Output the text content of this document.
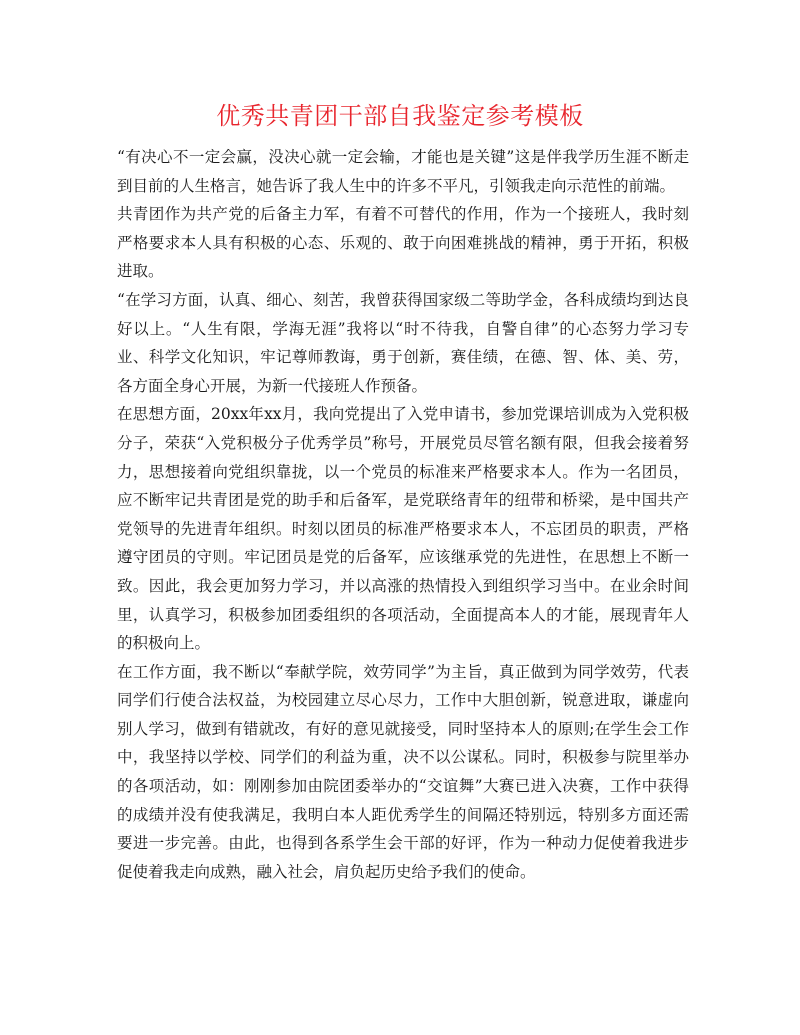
优秀共青团干部自我鉴定参考模板

“有决心不一定会赢，没决心就一定会输，才能也是关键”这是伴我学历生涯不断走到目前的人生格言，她告诉了我人生中的许多不平凡，引领我走向示范性的前端。

共青团作为共产党的后备主力军，有着不可替代的作用，作为一个接班人，我时刻严格要求本人具有积极的心态、乐观的、敢于向困难挑战的精神，勇于开拓，积极进取。

“在学习方面，认真、细心、刻苦，我曾获得国家级二等助学金，各科成绩均到达良好以上。“人生有限，学海无涯”我将以“时不待我，自警自律”的心态努力学习专业、科学文化知识，牢记尊师教诲，勇于创新，赛佳绩，在德、智、体、美、劳，各方面全身心开展，为新一代接班人作预备。

在思想方面，20xx年xx月，我向党提出了入党申请书，参加党课培训成为入党积极分子，荣获“入党积极分子优秀学员”称号，开展党员尽管名额有限，但我会接着努力，思想接着向党组织靠拢，以一个党员的标准来严格要求本人。作为一名团员，应不断牢记共青团是党的助手和后备军，是党联络青年的纽带和桥梁，是中国共产党领导的先进青年组织。时刻以团员的标准严格要求本人，不忘团员的职责，严格遵守团员的守则。牢记团员是党的后备军，应该继承党的先进性，在思想上不断一致。因此，我会更加努力学习，并以高涨的热情投入到组织学习当中。在业余时间里，认真学习，积极参加团委组织的各项活动，全面提高本人的才能，展现青年人的积极向上。

在工作方面，我不断以“奉献学院，效劳同学”为主旨，真正做到为同学效劳，代表同学们行使合法权益，为校园建立尽心尽力，工作中大胆创新，锐意进取，谦虚向别人学习，做到有错就改，有好的意见就接受，同时坚持本人的原则;在学生会工作中，我坚持以学校、同学们的利益为重，决不以公谋私。同时，积极参与院里举办的各项活动，如：刚刚参加由院团委举办的“交谊舞”大赛已进入决赛，工作中获得的成绩并没有使我满足，我明白本人距优秀学生的间隔还特别远，特别多方面还需要进一步完善。由此，也得到各系学生会干部的好评，作为一种动力促使着我进步促使着我走向成熟，融入社会，肩负起历史给予我们的使命。
